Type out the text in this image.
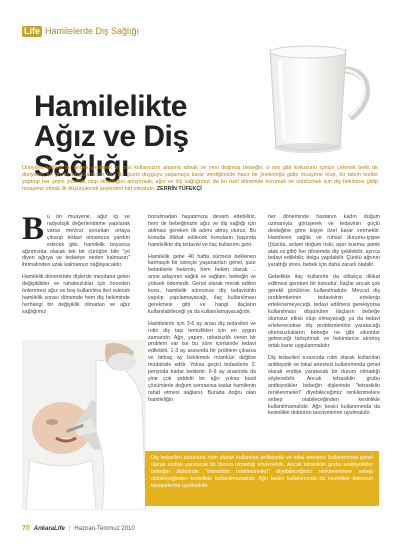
Life Hamilelerde Diş Sağlığı
Hamilelikte
Ağız ve Diş Sağlığı
Dünyaya sağlıklı bir bebek getirmek ve onu kollarınızın arasına almak ve yeni doğmuş bebeğin, o mis gibi kokusunu içinize çekmek belki de dünyanın en güzel duygularından biri. Bu güzel duyguyu yaşamaya karar verdiğinizde hazır bir jinekoloğa gidip muayene olup, bir takım testler yaptırıp her şeyin yolunda olup olmadığını anlıyorsak, ağız ve diş sağlığımızı da bu özel dönemde korumak ve sürdürmek için diş hekimine gidip muayene olmak ilk düşünülecek şeylerden biri olmalıdır. ZERRİN TÜFEKÇİ

Bu ön muayene, ağız içi ve radyolojik değerlendirme yapılarak varsa mevcut sorunları ortaya çıkarıp tedavi olmamıza yardım edecek gibi, hamilelik boyunca ağzımızda olacak tek bir çürüğün bile "yo diyen ağrıya ve tedaviye neden kalmasın" ihtimalinden uzak kalmamızı sağlayacaktır.

Hamilelik döneminde dişlerde meydana gelen değişiklikler ve rahatsızlıklar için önceden önlenmesi ağız ve boş kullanılma ileri edecek hamilelik sorası dönemde hem diş hekiminde herhangi bir değişiklik olmadan ve ağız sağlığımız

bozulmadan hayatımıza devam edebiliriz, hem de bebeğimizin ağız ve diş sağlığı için atılması gereken ilk adımı atmış oluruz. Bu konuda dikkat edilecek konuların başında hamilelikte diş tedavisi ve ilaç kullanımı gelir.

Hamilelik gebe 40 hafta sürmesi beklenen karmaşık bir süreçte yaşananları genel, şuur bebeklerle hekimin, hem hekim olarak ... anne adayının sağlık ve sağlam, bebeğin ve yüksek ödemedir. Genel olarak merak edilen konu, hamilelik süresince diş tedavisinin yapılıp yapılamayacağı, ilaç kullanılması gerekmesi gibi ve hangi ilaçların kullanılabileceği ya da kullanılamayacağıdır.

Hamilelerin için 3-6 ay arası diş tedavileri ve rutin diş taşı temizlikleri için en uygun zamandır. Ağrı, yapım, rahatsızlık veren bir problem var ise bu süre içerisinde tedavi edilebilir. 1-3 ay arasında bir problem çıkarsa ve birkaç ay beklemek mümkün değilse müdahale edilir. Yoksa geçici tedavilerle 2. periyoda kadar beklenir. 6-9 ay arasında da yine çok şiddetli bir ağrı yoksa basit çözümlerle doğum sonrasına kadar hamilenin rahat etmesi sağlanır. Burada doğru olan hamileliğin

her döneminde hastanın kadın doğum uzmanıyla görüşerek ve tedavinin güçlü desteğine göre kişiye özel karar vermektir. Hamilenin sağlık ve ruhsal durumu-iyişse ((lüzüla, anlam doğum riski, aşırı kusma, panik atak vs.gibi) her dönemde diş çekilebilir, ayrıca tedavi edilebilir, dolgu yapılabilir. Çünkü ağrının yarattığı stres, bebek için daha zararlı olabilir.

Gebelikte ilaç kullanımı da oldukça dikkat edilmesi gereken bir konudur. İlaçlar ancak çok gerekli görülürse kullanılmalıdır. Mevcut diş problemlerinin tedavisinin ertelenip ertelenemeyeceği, tedavi edilmesi gerekiyorsa kullanılması düşünülen ilaçların bebeğe olumsuz etkisi olup olmayacağı ya da tedavi ertelenecekse diş problemlerinin yaratacağı olumsuzlukların bebeğe ne gibi sıkıntılar getireceği tartışılmalı ve hekimlerce alınmış ortak karar uygulanmalıdır.

Diş tedavileri sırasında rutin olarak kullanılan antibiyotik ve lokal anestezi kullanımında genel olarak endişe yaratacak bir durum olmadığı söylenebilir. Ancak tetrasiklin grubu antibiyotikler bebeğin dişlerinde "tetrasiklin renklenmeleri" diyebileceğimiz renklenmelere sebep olabileceğinden kesinlikle kullanılmamalıdır. Ağrı kesici kullanımında da kesinlikle doktorun tavsiyelerine uyulmalıdır.

Diş tedavileri sırasında rutin olarak kullanılan antibiyotik ve lokal anestezi kullanımında genel olarak endişe yaratacak bir durum olmadığı söylenebilir. Ancak tetrasiklin grubu antibiyotikler bebeğin dişlerinde "tetrasiklin renklenmeleri" diyebileceğimiz renklenmelere sebep olabileceğinden kesinlikle kullanılmamalıdır. Ağrı kesici kullanımında da kesinlikle doktorun tavsiyelerine uyulmalıdır.
70 AnkaraLife | Haziran-Temmuz 2010
